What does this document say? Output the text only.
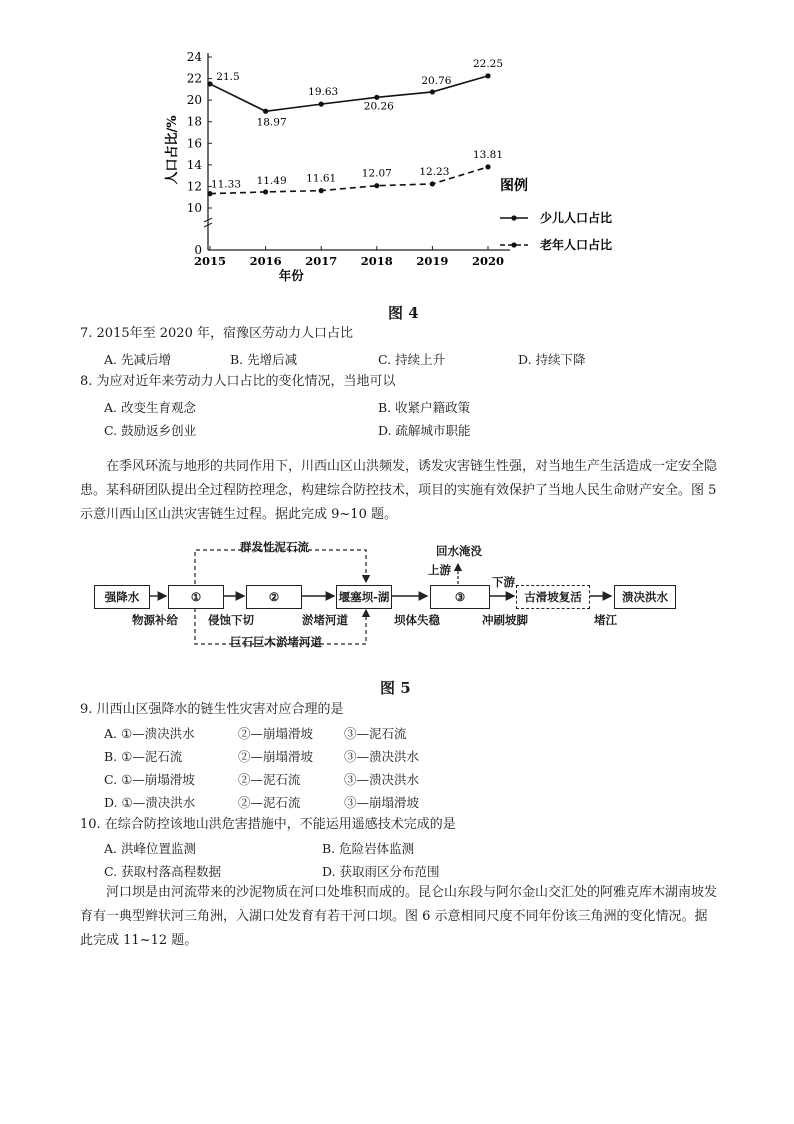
0
10
12
14
16
18
20
22
24
2015 2016 2017 2018 2019 2020
人口占比/%
年份
21.5
18.97
19.63
20.26
20.76
22.25
11.33 11.49 11.61 12.07	12.23
13.81
图例
少儿人口占比
老年人口占比
图 4
7. 2015年至 2020 年，宿豫区劳动力人口占比
A. 先减后增	B. 先增后减	C. 持续上升	D. 持续下降
8. 为应对近年来劳动力人口占比的变化情况，当地可以
A. 改变生育观念	B. 收紧户籍政策
C. 鼓励返乡创业	D. 疏解城市职能
在季风环流与地形的共同作用下，川西山区山洪频发，诱发灾害链生性强，对当地生产生活造成一定安全隐患。某科研团队提出全过程防控理念，构建综合防控技术，项目的实施有效保护了当地人民生命财产安全。图 5 示意川西山区山洪灾害链生过程。据此完成 9~10 题。
强降水	①	②	堰塞坝-湖	③	古滑坡复活	溃决洪水
群发性泥石流
巨石巨木淤堵河道
物源补给	侵蚀下切	淤堵河道	坝体失稳	冲刷坡脚	堵江
回水淹没
上游
下游
图 5
9. 川西山区强降水的链生性灾害对应合理的是
A. ①—溃决洪水	②—崩塌滑坡 ③—泥石流
B. ①—泥石流	②—崩塌滑坡 ③—溃决洪水
C. ①—崩塌滑坡	②—泥石流	③—溃决洪水
D. ①—溃决洪水	②—泥石流	③—崩塌滑坡
10. 在综合防控该地山洪危害措施中，不能运用遥感技术完成的是
A. 洪峰位置监测	B. 危险岩体监测
C. 获取村落高程数据	D. 获取雨区分布范围
河口坝是由河流带来的沙泥物质在河口处堆积而成的。昆仑山东段与阿尔金山交汇处的阿雅克库木湖南坡发育有一典型辫状河三角洲，入湖口处发育有若干河口坝。图 6 示意相同尺度不同年份该三角洲的变化情况。据此完成 11~12 题。
